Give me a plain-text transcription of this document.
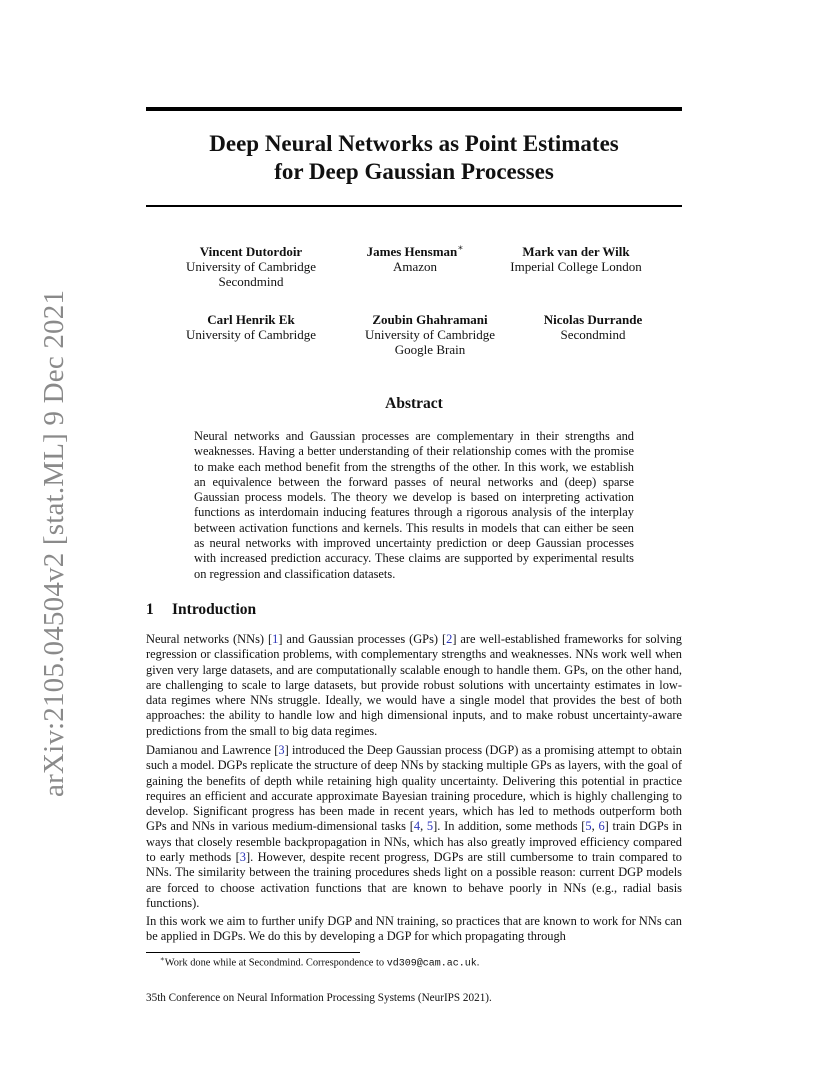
arXiv:2105.04504v2 [stat.ML] 9 Dec 2021
Deep Neural Networks as Point Estimates
for Deep Gaussian Processes
Vincent Dutordoir
University of Cambridge
Secondmind
James Hensman∗
Amazon
Mark van der Wilk
Imperial College London
Carl Henrik Ek
University of Cambridge
Zoubin Ghahramani
University of Cambridge
Google Brain
Nicolas Durrande
Secondmind
Abstract
Neural networks and Gaussian processes are complementary in their strengths and weaknesses. Having a better understanding of their relationship comes with the promise to make each method benefit from the strengths of the other. In this work, we establish an equivalence between the forward passes of neural networks and (deep) sparse Gaussian process models. The theory we develop is based on interpreting activation functions as interdomain inducing features through a rigorous analysis of the interplay between activation functions and kernels. This results in models that can either be seen as neural networks with improved uncertainty prediction or deep Gaussian processes with increased prediction accuracy. These claims are supported by experimental results on regression and classification datasets.
1 Introduction
Neural networks (NNs) [1] and Gaussian processes (GPs) [2] are well-established frameworks for solving regression or classification problems, with complementary strengths and weaknesses. NNs work well when given very large datasets, and are computationally scalable enough to handle them. GPs, on the other hand, are challenging to scale to large datasets, but provide robust solutions with uncertainty estimates in low-data regimes where NNs struggle. Ideally, we would have a single model that provides the best of both approaches: the ability to handle low and high dimensional inputs, and to make robust uncertainty-aware predictions from the small to big data regimes.
Damianou and Lawrence [3] introduced the Deep Gaussian process (DGP) as a promising attempt to obtain such a model. DGPs replicate the structure of deep NNs by stacking multiple GPs as layers, with the goal of gaining the benefits of depth while retaining high quality uncertainty. Delivering this potential in practice requires an efficient and accurate approximate Bayesian training procedure, which is highly challenging to develop. Significant progress has been made in recent years, which has led to methods outperform both GPs and NNs in various medium-dimensional tasks [4, 5]. In addition, some methods [5, 6] train DGPs in ways that closely resemble backpropagation in NNs, which has also greatly improved efficiency compared to early methods [3]. However, despite recent progress, DGPs are still cumbersome to train compared to NNs. The similarity between the training procedures sheds light on a possible reason: current DGP models are forced to choose activation functions that are known to behave poorly in NNs (e.g., radial basis functions).
In this work we aim to further unify DGP and NN training, so practices that are known to work for NNs can be applied in DGPs. We do this by developing a DGP for which propagating through
∗Work done while at Secondmind. Correspondence to vd309@cam.ac.uk.
35th Conference on Neural Information Processing Systems (NeurIPS 2021).
